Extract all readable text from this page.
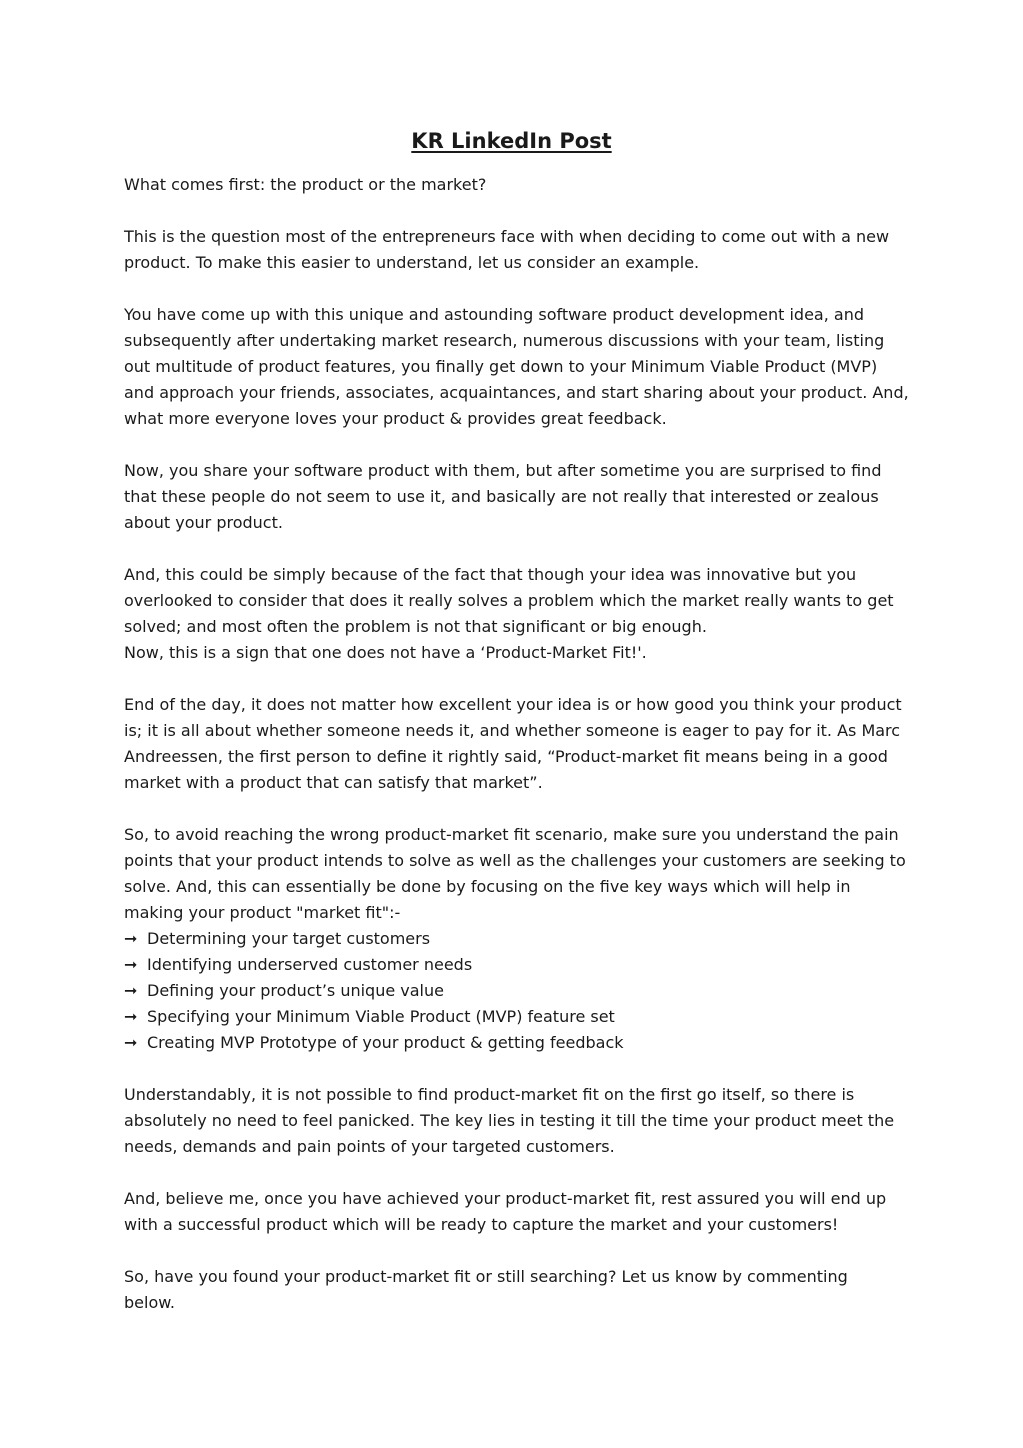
KR LinkedIn Post

What comes first: the product or the market?

This is the question most of the entrepreneurs face with when deciding to come out with a new
product. To make this easier to understand, let us consider an example.

You have come up with this unique and astounding software product development idea, and
subsequently after undertaking market research, numerous discussions with your team, listing
out multitude of product features, you finally get down to your Minimum Viable Product (MVP)
and approach your friends, associates, acquaintances, and start sharing about your product. And,
what more everyone loves your product & provides great feedback.

Now, you share your software product with them, but after sometime you are surprised to find
that these people do not seem to use it, and basically are not really that interested or zealous
about your product.

And, this could be simply because of the fact that though your idea was innovative but you
overlooked to consider that does it really solves a problem which the market really wants to get
solved; and most often the problem is not that significant or big enough.
Now, this is a sign that one does not have a ‘Product-Market Fit!'.

End of the day, it does not matter how excellent your idea is or how good you think your product
is; it is all about whether someone needs it, and whether someone is eager to pay for it. As Marc
Andreessen, the first person to define it rightly said, “Product-market fit means being in a good
market with a product that can satisfy that market”.

So, to avoid reaching the wrong product-market fit scenario, make sure you understand the pain
points that your product intends to solve as well as the challenges your customers are seeking to
solve. And, this can essentially be done by focusing on the five key ways which will help in
making your product "market fit":-

➞ Determining your target customers
➞ Identifying underserved customer needs
➞ Defining your product’s unique value
➞ Specifying your Minimum Viable Product (MVP) feature set
➞ Creating MVP Prototype of your product & getting feedback

Understandably, it is not possible to find product-market fit on the first go itself, so there is
absolutely no need to feel panicked. The key lies in testing it till the time your product meet the
needs, demands and pain points of your targeted customers.

And, believe me, once you have achieved your product-market fit, rest assured you will end up
with a successful product which will be ready to capture the market and your customers!

So, have you found your product-market fit or still searching? Let us know by commenting
below.
